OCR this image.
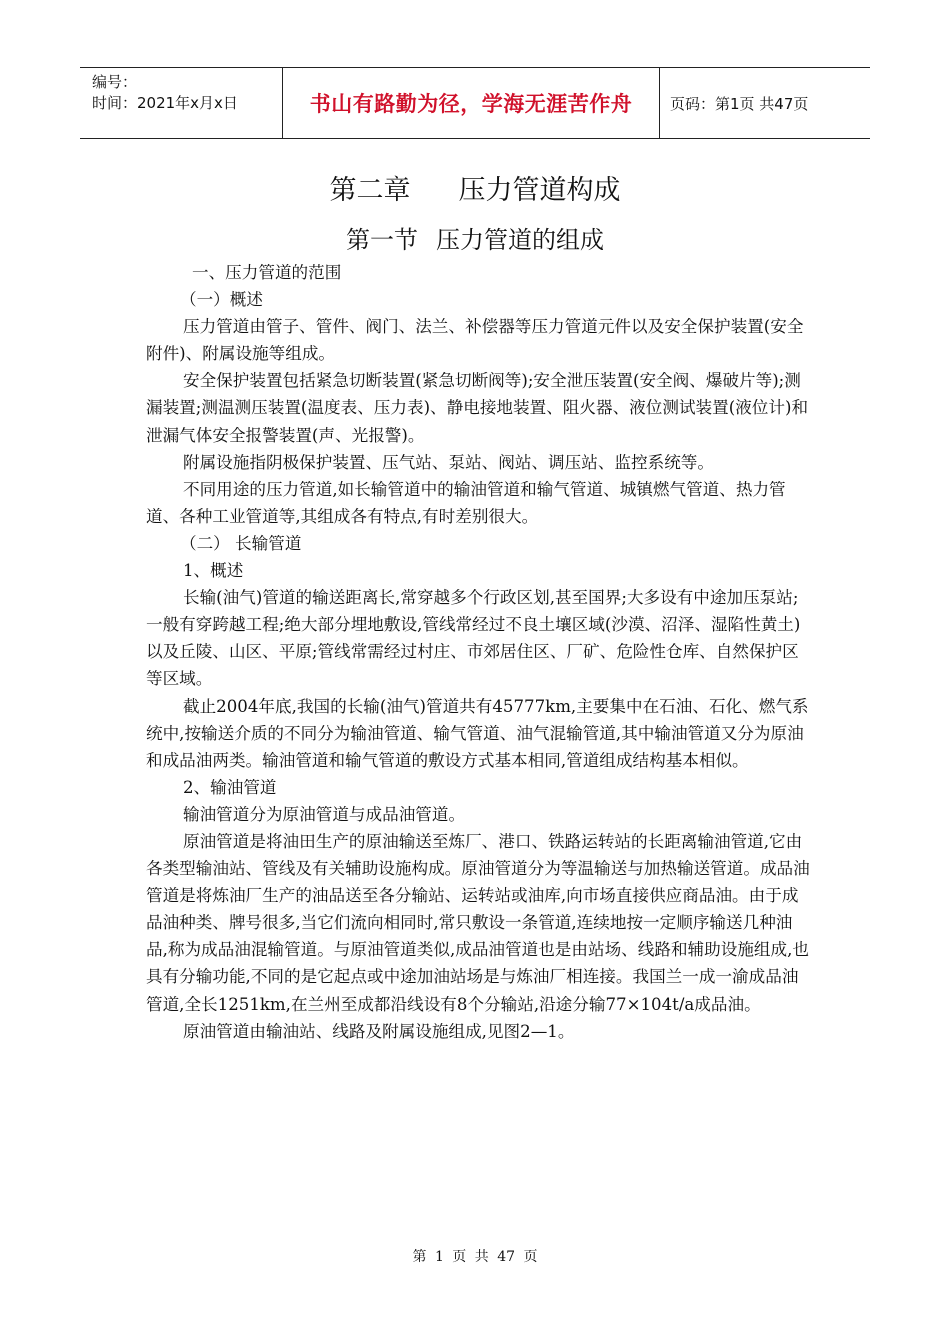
编号：
时间：2021年x月x日	书山有路勤为径，学海无涯苦作舟	页码：第1页 共47页
第二章 压力管道构成
第一节 压力管道的组成

一、压力管道的范围

（一）概述

压力管道由管子、管件、阀门、法兰、补偿器等压力管道元件以及安全保护装置(安全附件)、附属设施等组成。

安全保护装置包括紧急切断装置(紧急切断阀等);安全泄压装置(安全阀、爆破片等);测漏装置;测温测压装置(温度表、压力表)、静电接地装置、阻火器、液位测试装置(液位计)和泄漏气体安全报警装置(声、光报警)。

附属设施指阴极保护装置、压气站、泵站、阀站、调压站、监控系统等。

不同用途的压力管道,如长输管道中的输油管道和输气管道、城镇燃气管道、热力管道、各种工业管道等,其组成各有特点,有时差别很大。

（二） 长输管道

1、概述

长输(油气)管道的输送距离长,常穿越多个行政区划,甚至国界;大多设有中途加压泵站;一般有穿跨越工程;绝大部分埋地敷设,管线常经过不良土壤区域(沙漠、沼泽、湿陷性黄土)以及丘陵、山区、平原;管线常需经过村庄、市郊居住区、厂矿、危险性仓库、自然保护区等区域。

截止2004年底,我国的长输(油气)管道共有45777km,主要集中在石油、石化、燃气系统中,按输送介质的不同分为输油管道、输气管道、油气混输管道,其中输油管道又分为原油和成品油两类。输油管道和输气管道的敷设方式基本相同,管道组成结构基本相似。

2、输油管道

输油管道分为原油管道与成品油管道。

原油管道是将油田生产的原油输送至炼厂、港口、铁路运转站的长距离输油管道,它由各类型输油站、管线及有关辅助设施构成。原油管道分为等温输送与加热输送管道。成品油管道是将炼油厂生产的油品送至各分输站、运转站或油库,向市场直接供应商品油。由于成品油种类、牌号很多,当它们流向相同时,常只敷设一条管道,连续地按一定顺序输送几种油品,称为成品油混输管道。与原油管道类似,成品油管道也是由站场、线路和辅助设施组成,也具有分输功能,不同的是它起点或中途加油站场是与炼油厂相连接。我国兰一成一渝成品油管道,全长1251km,在兰州至成都沿线设有8个分输站,沿途分输77×104t/a成品油。

原油管道由输油站、线路及附属设施组成,见图2—1。

第 1 页 共 47 页
